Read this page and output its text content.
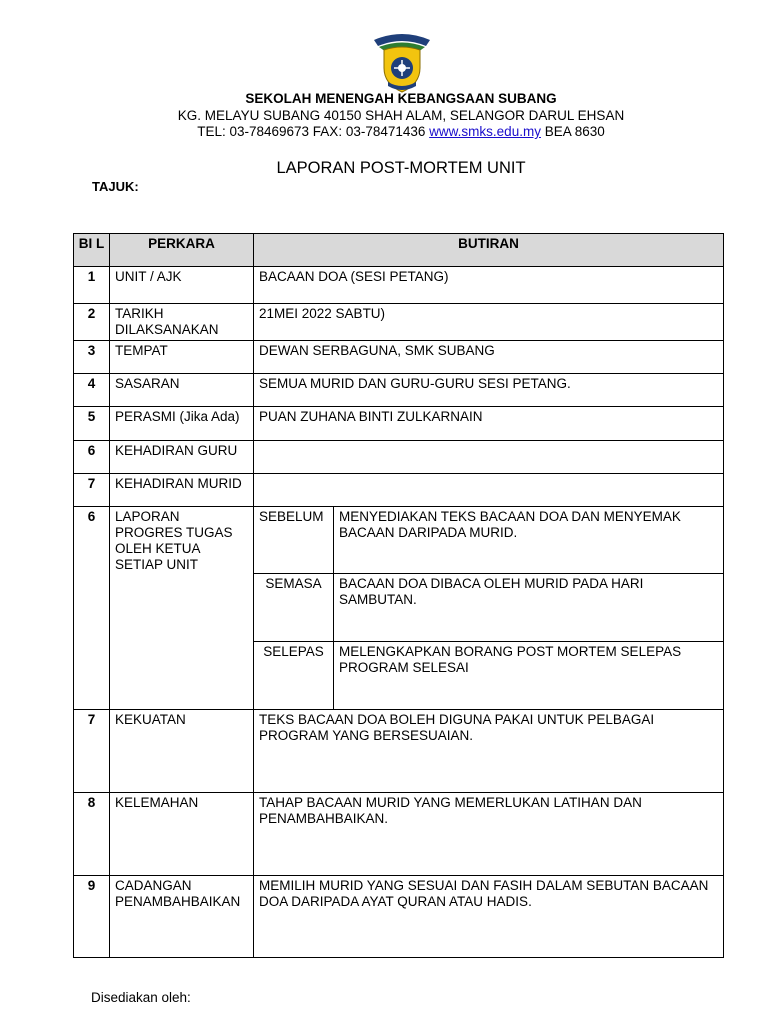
SEKOLAH MENENGAH KEBANGSAAN SUBANG
KG. MELAYU SUBANG 40150 SHAH ALAM, SELANGOR DARUL EHSAN
TEL: 03-78469673 FAX: 03-78471436 www.smks.edu.my BEA 8630
LAPORAN POST-MORTEM UNIT
TAJUK:
BI L	PERKARA	BUTIRAN	
1	UNIT / AJK	BACAAN DOA (SESI PETANG)	
2	TARIKH DILAKSANAKAN	21MEI 2022 SABTU)	
3	TEMPAT	DEWAN SERBAGUNA, SMK SUBANG	
4	SASARAN	SEMUA MURID DAN GURU-GURU SESI PETANG.	
5	PERASMI (Jika Ada)	PUAN ZUHANA BINTI ZULKARNAIN	
6	KEHADIRAN GURU		
7	KEHADIRAN MURID		
6	LAPORAN PROGRES TUGAS OLEH KETUA SETIAP UNIT	SEBELUM	MENYEDIAKAN TEKS BACAAN DOA DAN MENYEMAK BACAAN DARIPADA MURID.
		SEMASA	BACAAN DOA DIBACA OLEH MURID PADA HARI SAMBUTAN.
		SELEPAS	MELENGKAPKAN BORANG POST MORTEM SELEPAS PROGRAM SELESAI
7	KEKUATAN	TEKS BACAAN DOA BOLEH DIGUNA PAKAI UNTUK PELBAGAI PROGRAM YANG BERSESUAIAN.	
8	KELEMAHAN	TAHAP BACAAN MURID YANG MEMERLUKAN LATIHAN DAN PENAMBAHBAIKAN.	
9	CADANGAN PENAMBAHBAIKAN	MEMILIH MURID YANG SESUAI DAN FASIH DALAM SEBUTAN BACAAN DOA DARIPADA AYAT QURAN ATAU HADIS.	
Disediakan oleh:
